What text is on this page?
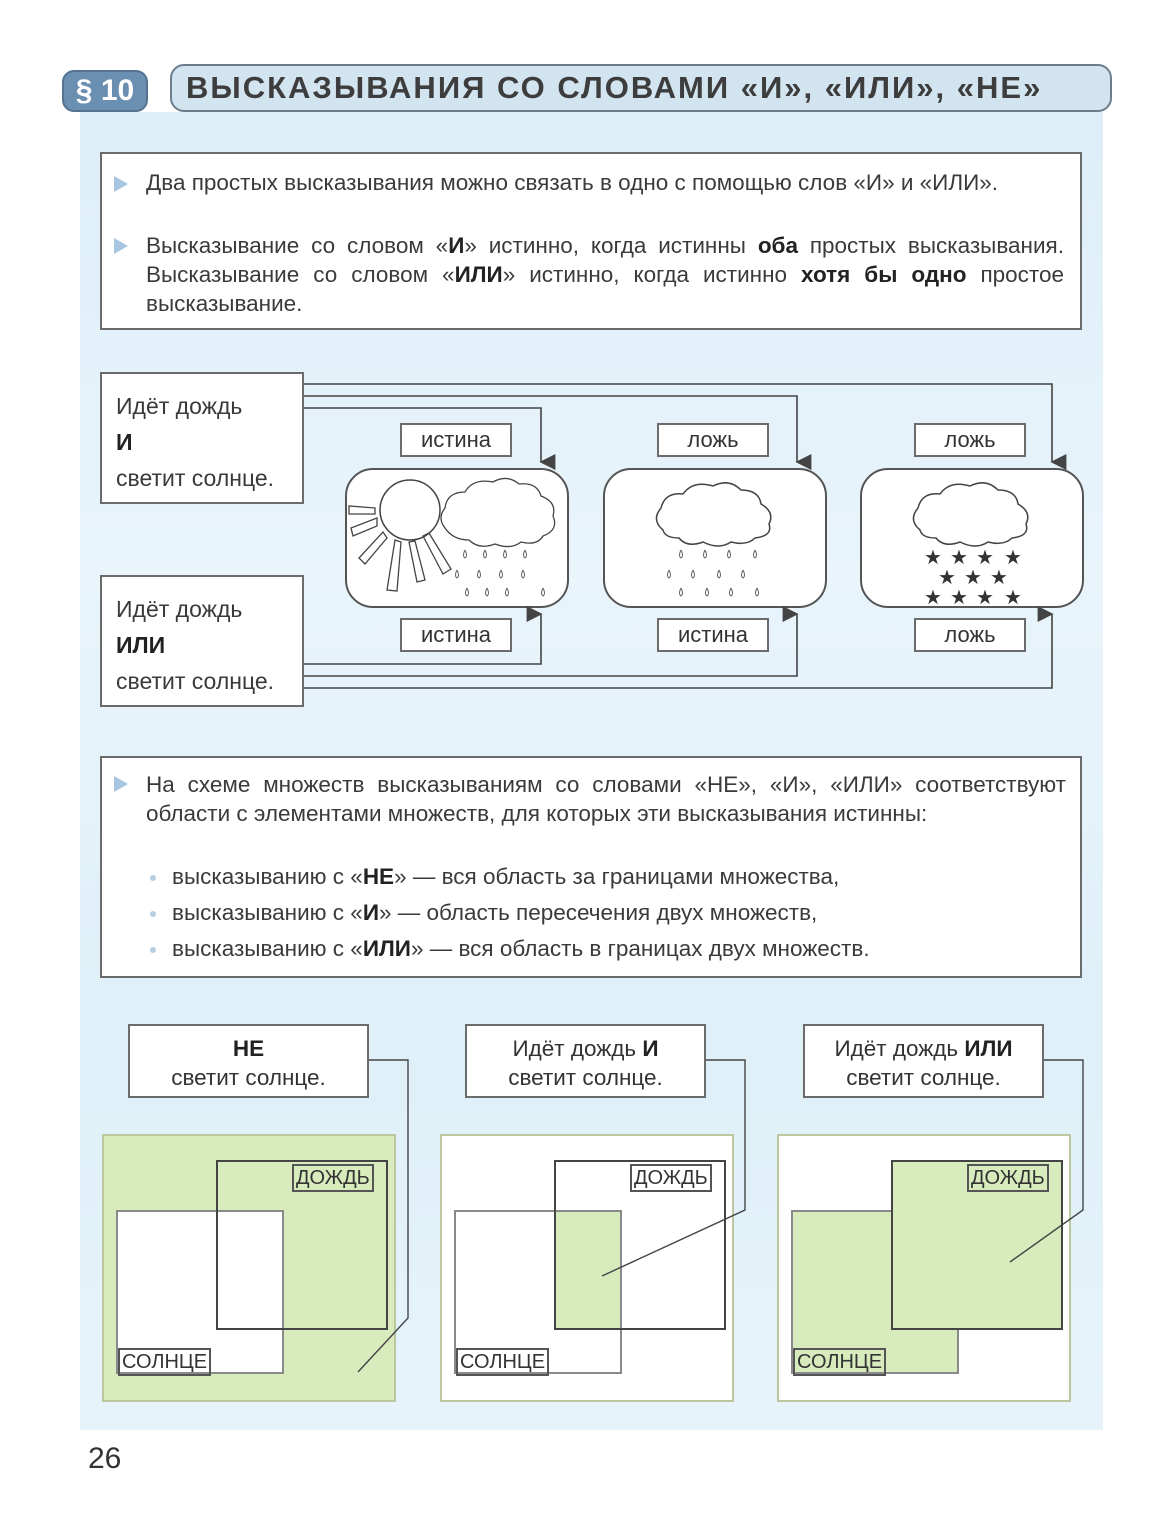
§ 10	ВЫСКАЗЫВАНИЯ СО СЛОВАМИ «И», «ИЛИ», «НЕ»
Два простых высказывания можно связать в одно с помощью слов «И» и «ИЛИ».
Высказывание со словом «И» истинно, когда истинны оба простых высказывания. Высказывание со словом «ИЛИ» истинно, когда истинно хотя бы одно простое высказывание.
Идёт дождь
И
светит солнце.
Идёт дождь
ИЛИ
светит солнце.
истина	ложь	ложь
истина	истина	ложь
★ ★ ★ ★
★ ★ ★
★ ★ ★ ★
На схеме множеств высказываниям со словами «НЕ», «И», «ИЛИ» соответствуют области с элементами множеств, для которых эти высказывания истинны:
высказыванию с «НЕ» — вся область за границами множества,
высказыванию с «И» — область пересечения двух множеств,
высказыванию с «ИЛИ» — вся область в границах двух множеств.
НЕ
светит солнце.
Идёт дождь И
светит солнце.
Идёт дождь ИЛИ
светит солнце.
ДОЖДЬ
СОЛНЦЕ
ДОЖДЬ
СОЛНЦЕ
ДОЖДЬ
СОЛНЦЕ
26
